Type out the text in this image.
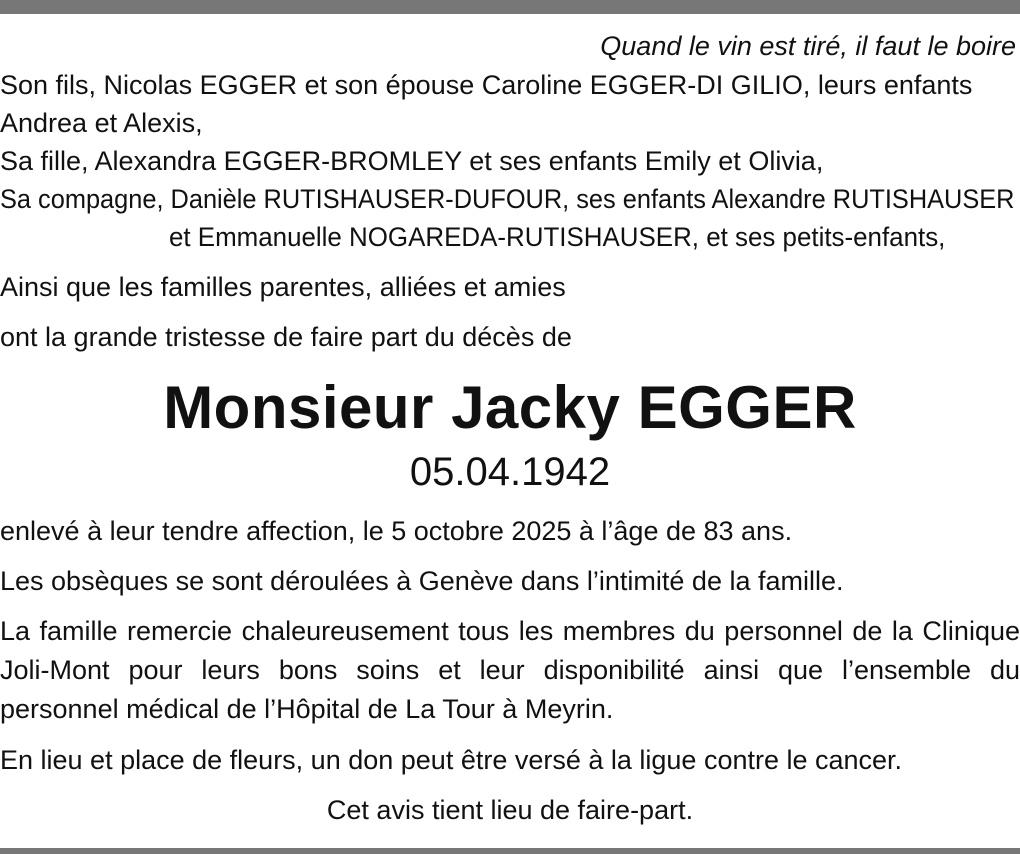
Quand le vin est tiré, il faut le boire
Son fils, Nicolas EGGER et son épouse Caroline EGGER-DI GILIO, leurs enfants
Andrea et Alexis,
Sa fille, Alexandra EGGER-BROMLEY et ses enfants Emily et Olivia,
Sa compagne, Danièle RUTISHAUSER-DUFOUR, ses enfants Alexandre RUTISHAUSER
et Emmanuelle NOGAREDA-RUTISHAUSER, et ses petits-enfants,
Ainsi que les familles parentes, alliées et amies
ont la grande tristesse de faire part du décès de
Monsieur Jacky EGGER
05.04.1942
enlevé à leur tendre affection, le 5 octobre 2025 à l’âge de 83 ans.
Les obsèques se sont déroulées à Genève dans l’intimité de la famille.
La famille remercie chaleureusement tous les membres du personnel de la Clinique Joli-Mont pour leurs bons soins et leur disponibilité ainsi que l’ensemble du personnel médical de l’Hôpital de La Tour à Meyrin.
En lieu et place de fleurs, un don peut être versé à la ligue contre le cancer.
Cet avis tient lieu de faire-part.
